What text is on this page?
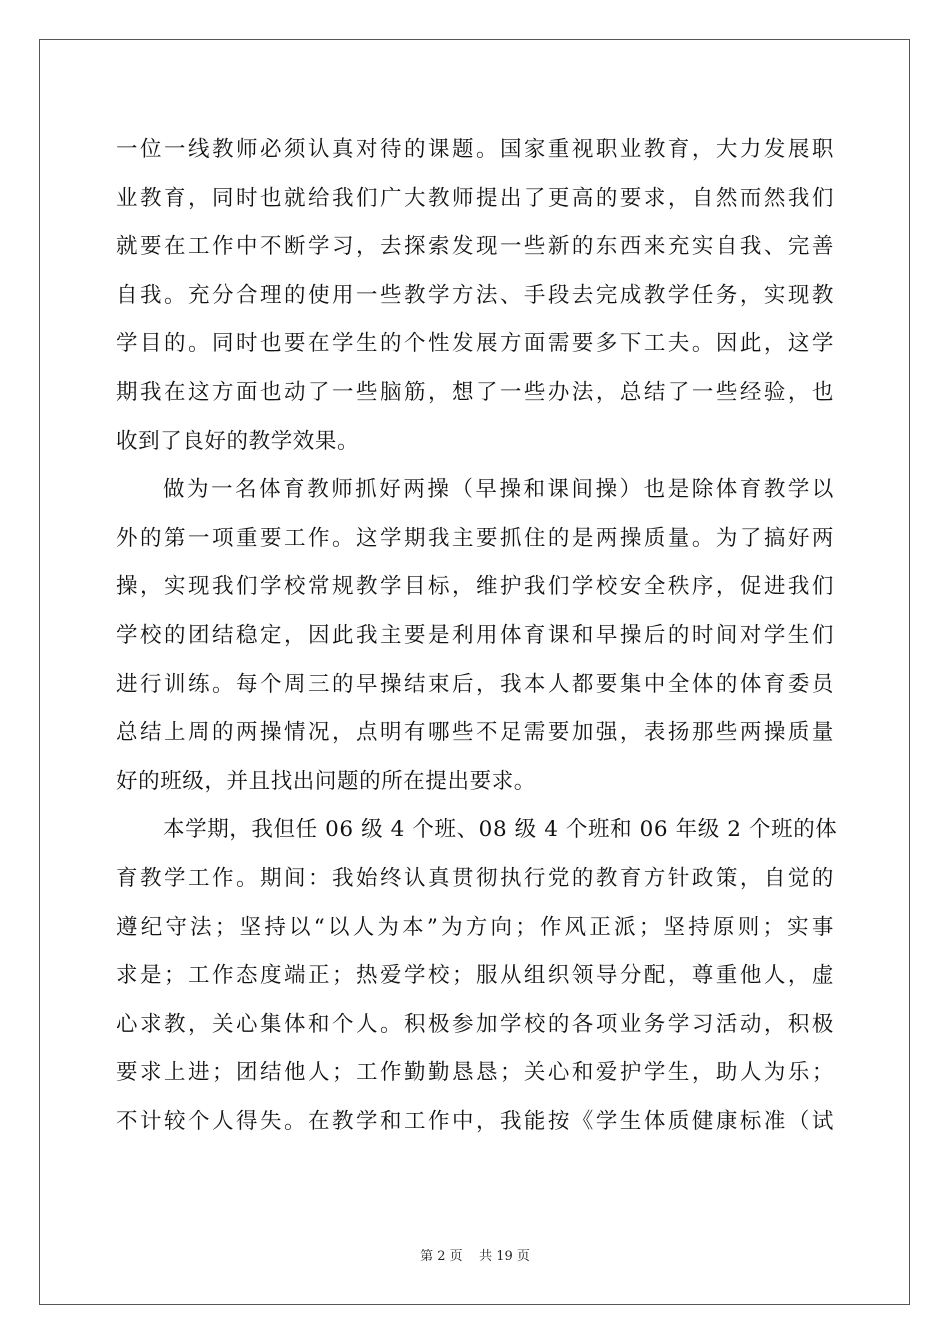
一位一线教师必须认真对待的课题。国家重视职业教育，大力发展职
业教育，同时也就给我们广大教师提出了更高的要求，自然而然我们
就要在工作中不断学习，去探索发现一些新的东西来充实自我、完善
自我。充分合理的使用一些教学方法、手段去完成教学任务，实现教
学目的。同时也要在学生的个性发展方面需要多下工夫。因此，这学
期我在这方面也动了一些脑筋，想了一些办法，总结了一些经验，也
收到了良好的教学效果。
做为一名体育教师抓好两操（早操和课间操）也是除体育教学以
外的第一项重要工作。这学期我主要抓住的是两操质量。为了搞好两
操，实现我们学校常规教学目标，维护我们学校安全秩序，促进我们
学校的团结稳定，因此我主要是利用体育课和早操后的时间对学生们
进行训练。每个周三的早操结束后，我本人都要集中全体的体育委员
总结上周的两操情况，点明有哪些不足需要加强，表扬那些两操质量
好的班级，并且找出问题的所在提出要求。
本学期，我但任 06 级 4 个班、08 级 4 个班和 06 年级 2 个班的体
育教学工作。期间：我始终认真贯彻执行党的教育方针政策，自觉的
遵纪守法；坚持以“以人为本”为方向；作风正派；坚持原则；实事
求是；工作态度端正；热爱学校；服从组织领导分配，尊重他人，虚
心求教，关心集体和个人。积极参加学校的各项业务学习活动，积极
要求上进；团结他人；工作勤勤恳恳；关心和爱护学生，助人为乐；
不计较个人得失。在教学和工作中，我能按《学生体质健康标准（试
第 2 页    共 19 页
